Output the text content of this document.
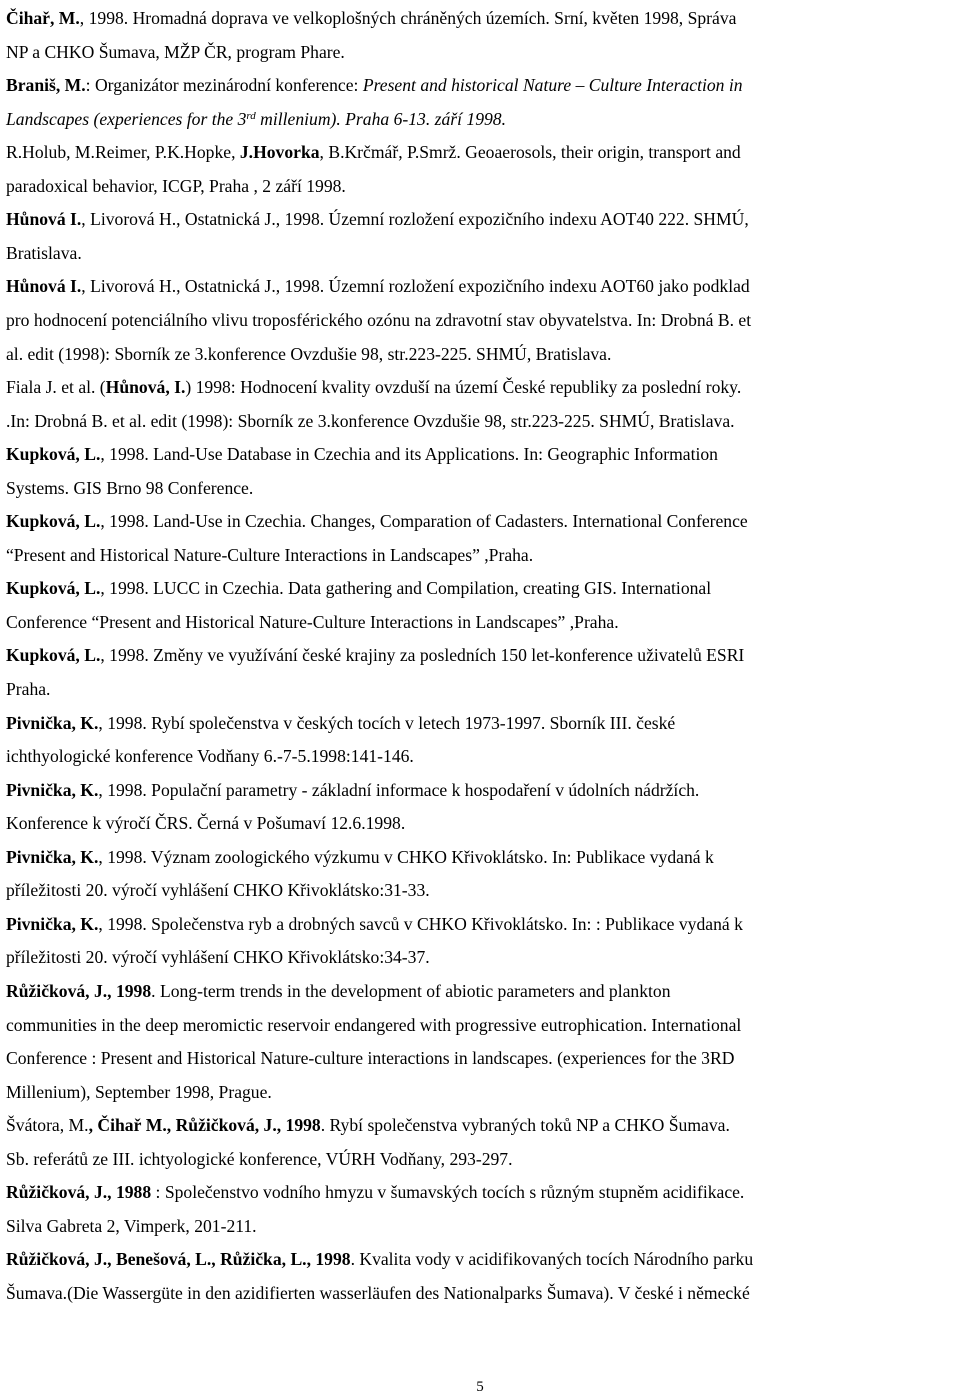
Čihař, M., 1998. Hromadná doprava ve velkoplošných chráněných územích. Srní, květen 1998, Správa
NP a CHKO Šumava, MŽP ČR, program Phare.
Braniš, M.: Organizátor mezinárodní konference: Present and historical Nature – Culture Interaction in
Landscapes (experiences for the 3rd millenium). Praha 6-13. září 1998.
R.Holub, M.Reimer, P.K.Hopke, J.Hovorka, B.Krčmář, P.Smrž. Geoaerosols, their origin, transport and
paradoxical behavior, ICGP, Praha , 2 září 1998.
Hůnová I., Livorová H., Ostatnická J., 1998. Územní rozložení expozičního indexu AOT40 222. SHMÚ,
Bratislava.
Hůnová I., Livorová H., Ostatnická J., 1998. Územní rozložení expozičního indexu AOT60 jako podklad
pro hodnocení potenciálního vlivu troposférického ozónu na zdravotní stav obyvatelstva. In: Drobná B. et
al. edit (1998): Sborník ze 3.konference Ovzdušie 98, str.223-225. SHMÚ, Bratislava.
Fiala J. et al. (Hůnová, I.) 1998: Hodnocení kvality ovzduší na území České republiky za poslední roky.
.In: Drobná B. et al. edit (1998): Sborník ze 3.konference Ovzdušie 98, str.223-225. SHMÚ, Bratislava.
Kupková, L., 1998. Land-Use Database in Czechia and its Applications. In: Geographic Information
Systems. GIS Brno 98 Conference.
Kupková, L., 1998. Land-Use in Czechia. Changes, Comparation of Cadasters. International Conference
“Present and Historical Nature-Culture Interactions in Landscapes” ,Praha.
Kupková, L., 1998. LUCC in Czechia. Data gathering and Compilation, creating GIS. International
Conference “Present and Historical Nature-Culture Interactions in Landscapes” ,Praha.
Kupková, L., 1998. Změny ve využívání české krajiny za posledních 150 let-konference uživatelů ESRI
Praha.
Pivnička, K., 1998. Rybí společenstva v českých tocích v letech 1973-1997. Sborník III. české
ichthyologické konference Vodňany 6.-7-5.1998:141-146.
Pivnička, K., 1998. Populační parametry - základní informace k hospodaření v údolních nádržích.
Konference k výročí ČRS. Černá v Pošumaví 12.6.1998.
Pivnička, K., 1998. Význam zoologického výzkumu v CHKO Křivoklátsko. In: Publikace vydaná k
příležitosti 20. výročí vyhlášení CHKO Křivoklátsko:31-33.
Pivnička, K., 1998. Společenstva ryb a drobných savců v CHKO Křivoklátsko. In: : Publikace vydaná k
příležitosti 20. výročí vyhlášení CHKO Křivoklátsko:34-37.
Růžičková, J., 1998. Long-term trends in the development of abiotic parameters and plankton
communities in the deep meromictic reservoir endangered with progressive eutrophication. International
Conference : Present and Historical Nature-culture interactions in landscapes. (experiences for the 3RD
Millenium), September 1998, Prague.
Švátora, M., Čihař M., Růžičková, J., 1998. Rybí společenstva vybraných toků NP a CHKO Šumava.
Sb. referátů ze III. ichtyologické konference, VÚRH Vodňany, 293-297.
Růžičková, J., 1988 : Společenstvo vodního hmyzu v šumavských tocích s různým stupněm acidifikace.
Silva Gabreta 2, Vimperk, 201-211.
Růžičková, J., Benešová, L., Růžička, L., 1998. Kvalita vody v acidifikovaných tocích Národního parku
Šumava.(Die Wassergüte in den azidifierten wasserläufen des Nationalparks Šumava). V české i německé
5
